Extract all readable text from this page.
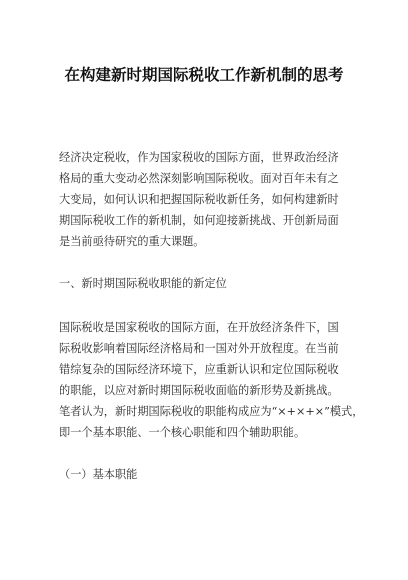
在构建新时期国际税收工作新机制的思考
经济决定税收，作为国家税收的国际方面，世界政治经济
格局的重大变动必然深刻影响国际税收。面对百年未有之
大变局，如何认识和把握国际税收新任务，如何构建新时
期国际税收工作的新机制，如何迎接新挑战、开创新局面
是当前亟待研究的重大课题。
一、新时期国际税收职能的新定位
国际税收是国家税收的国际方面，在开放经济条件下，国
际税收影响着国际经济格局和一国对外开放程度。在当前
错综复杂的国际经济环境下，应重新认识和定位国际税收
的职能，以应对新时期国际税收面临的新形势及新挑战。
笔者认为，新时期国际税收的职能构成应为“×+×+×”模式，
即一个基本职能、一个核心职能和四个辅助职能。
（一）基本职能
